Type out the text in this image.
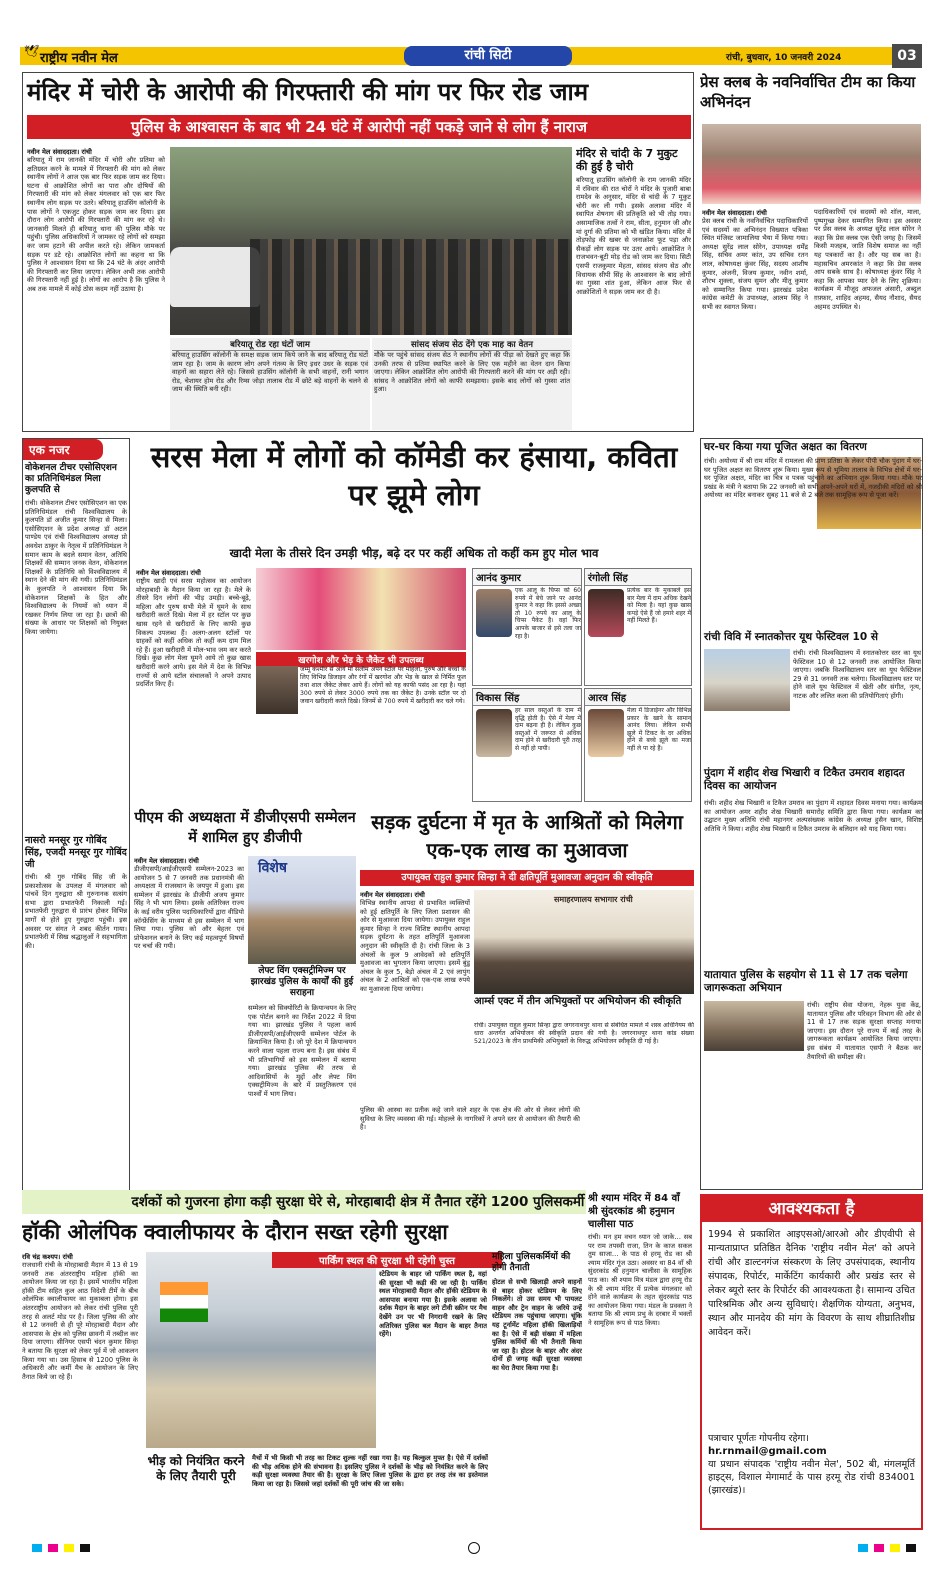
🕊 राष्ट्रीय नवीन मेल	रांची सिटी	रांची, बुधवार, 10 जनवरी 2024	03
मंदिर में चोरी के आरोपी की गिरफ्तारी की मांग पर फिर रोड जाम
पुलिस के आश्वासन के बाद भी 24 घंटे में आरोपी नहीं पकड़े जाने से लोग हैं नाराज
नवीन मेल संवाददाता। रांची
बरियातू में राम जानकी मंदिर में चोरी और प्रतिमा को क्षतिग्रस्त करने के मामले में गिरफ्तारी की मांग को लेकर स्थानीय लोगों ने आज एक बार फिर सड़क जाम कर दिया। घटना से आक्रोशित लोगों का पारा और दोषियों की गिरफ्तारी की मांग को लेकर मंगलवार को एक बार फिर स्थानीय लोग सड़क पर उतरे। बरियातू हाउसिंग कॉलोनी के पास लोगों ने एकजुट होकर सड़क जाम कर दिया। इस दौरान लोग आरोपी की गिरफ्तारी की मांग कर रहे थे। जानकारी मिलते ही बरियातू थाना की पुलिस मौके पर पहुंची। पुलिस अधिकारियों ने जामकर रहे लोगों को समझा कर जाम हटाने की अपील करते रहे। लेकिन जामकर्ता सड़क पर डटे रहे। आक्रोशित लोगों का कहना था कि पुलिस ने आश्वासन दिया था कि 24 घंटे के अंदर आरोपी की गिरफ्तारी कर लिया जाएगा। लेकिन अभी तक आरोपी की गिरफ्तारी नहीं हुई है। लोगों का आरोप है कि पुलिस ने अब तक मामले में कोई ठोस कदम नहीं उठाया है।
बरियातू रोड रहा घंटों जाम
बरियातू हाउसिंग कॉलोनी के समक्ष सड़क जाम किये जाने के बाद बरियातू रोड घंटों जाम रहा है। जाम के कारण लोग अपने गंतव्य के लिए इधर उधर के सड़क एवं वाहनों का सहारा लेते रहे। जिससे हाउसिंग कॉलोनी के सभी वाहनों, रानी भगान रोड, चेशायर होम रोड और रिम्स जोड़ा तालाब रोड में छोटे बड़े वाहनों के चलने से जाम की स्थिति बनी रही।
सांसद संजय सेठ देंगे एक माह का वेतन
मौके पर पहुंचे सांसद संजय सेठ ने स्थानीय लोगों की पीड़ा को देखते हुए कहा कि उनकी तरफ से प्रतिमा स्थापित करने के लिए एक महीने का वेतन दान किया जाएगा। लेकिन आक्रोशित लोग आरोपी की गिरफ्तारी करने की मांग पर अड़ी रही। सांसद ने आक्रोशित लोगों को काफी समझाया। इसके बाद लोगों को गुस्सा शांत हुआ।
मंदिर से चांदी के 7 मुकुट की हुई है चोरी
बरियातू हाउसिंग कॉलोनी के राम जानकी मंदिर में रविवार की रात चोरों ने मंदिर के पुजारी बाबा रामदेव के अनुसार, मंदिर से चांदी के 7 मुकुट चोरी कर ली गयी। इसके अलावा मंदिर में स्थापित शेषनाग की प्रतिकृति को भी तोड़ गया। असामाजिक तत्वों ने राम, सीता, हनुमान जी और मां दुर्गा की प्रतिमा को भी खंडित किया। मंदिर में तोड़फोड़ की खबर से जनाक्रोश फूट पड़ा और सैकड़ों लोग सड़क पर उतर आये। आक्रोशित ने राजभवन-बूटी मोड़ रोड को जाम कर दिया। सिटी एसपी राजकुमार मेहता, सांसद संजय सेठ और विधायक सीपी सिंह के आश्वासन के बाद लोगों का गुस्सा शांत हुआ, लेकिन आज फिर से आक्रोशितों ने सड़क जाम कर दी है।
प्रेस क्लब के नवनिर्वाचित टीम का किया अभिनंदन
नवीन मेल संवाददाता। रांची
प्रेस क्लब रांची के नवनिर्वाचित पदाधिकारियों एवं सदस्यों का अभिनंदन विख्यात पत्रिका स्थित मंजिस्ट जामालिया भैया में किया गया। अध्यक्ष सुरेंद्र लाल सोरेन, उपाध्यक्ष धर्मेंद्र सिंह, सचिव अमर कांत, उप सचिव रतन लाल, कोषाध्यक्ष कुंवर सिंह, सदस्य आशीष कुमार, अंजनी, विजय कुमार, नवीन शर्मा, शौरभ शुक्ला, संजय सुमन और मीतू कुमार को सम्मानित किया गया। झारखंड प्रदेश कांग्रेस कमेटी के उपाध्यक्ष, आलम सिंह ने सभी का स्वागत किया।
पदाधिकारियों एवं सदस्यों को शॉल, माला, पुष्पगुच्छ देकर सम्मानित किया। इस अवसर पर प्रेस क्लब के अध्यक्ष सुरेंद्र लाल सोरेन ने कहा कि प्रेस क्लब एक ऐसी जगह है। जिसमें किसी मजहब, जाति विशेष समाज का नहीं यह पत्रकारों का है। और यह सब का है। महासचिव अमरकांत ने कहा कि प्रेस क्लब आप सबके साथ है। कोषाध्यक्ष कुंवर सिंह ने कहा कि आपका प्यार देने के लिए शुक्रिया। कार्यक्रम में मौजूद अफजल अंसारी, अब्दुल ग़फ़्फ़ार, शाहिद अहमद, सैयद नौशाद, सैयद अहमद उपस्थित थे।
एक नजर
वोकेशनल टीचर एसोसिएशन का प्रतिनिधिमंडल मिला कुलपति से
रांची। वोकेशनल टीचर एसोसिएशन का एक प्रतिनिधिमंडल रांची विश्वविद्यालय के कुलपति डॉ अजीत कुमार सिन्हा से मिला। एसोसिएशन के प्रदेश अध्यक्ष डॉ अटल पाण्डेय एवं रांची विश्वविद्यालय अध्यक्ष प्रो अवधेश ठाकुर के नेतृत्व में प्रतिनिधिमंडल ने समान काम के बदले समान वेतन, अतिथि शिक्षकों की सम्मान जनक वेतन, वोकेशनल शिक्षकों के प्रतिनिधि को विश्वविद्यालय में स्थान देने की मांग की गयी। प्रतिनिधिमंडल के कुलपति ने आश्वासन दिया कि वोकेशनल शिक्षकों के हित और विश्वविद्यालय के नियमों को ध्यान में रखकर निर्णय लिया जा रहा है। छात्रों की संख्या के आधार पर शिक्षकों को नियुक्त किया जायेगा।
नासरो मनसूर गुर गोबिंद सिंह, एजदी मनसूर गुर गोबिंद जी
रांची। श्री गुरु गोबिंद सिंह जी के प्रकाशोत्सव के उपलक्ष में मंगलवार को पांचवें दिन गुरुद्वारा श्री गुरुनानक सत्संग सभा द्वारा प्रभातफेरी निकाली गई। प्रभातफेरी गुरुद्वारा से प्रारंभ होकर विभिन्न मार्गों से होते हुए गुरुद्वारा पहुंची। इस अवसर पर संगत ने शबद कीर्तन गाया। प्रभातफेरी में सिख श्रद्धालुओं ने सहभागिता की।
सरस मेला में लोगों को कॉमेडी कर हंसाया, कविता पर झूमे लोग
खादी मेला के तीसरे दिन उमड़ी भीड़, बढ़े दर पर कहीं अधिक तो कहीं कम हुए मोल भाव
नवीन मेल संवाददाता। रांची
राष्ट्रीय खादी एवं सरस महोत्सव का आयोजन मोरहाबादी के मैदान किया जा रहा है। मेले के तीसरे दिन लोगों की भीड़ उमड़ी। बच्चे-बूढ़े, महिला और पुरुष सभी मेले में घूमने के साथ खरीदारी करते दिखे। मेला में हर स्टॉल पर कुछ खास रहने से खरीदारों के लिए काफी कुछ विकल्प उपलब्ध हैं। अलग-अलग स्टॉलों पर ग्राहकों को कहीं अधिक तो कहीं कम दाम मिल रहे हैं। हुआ खरीदारी में मोल-भाव जम कर करते दिखे। कुछ लोग मेला घूमने आये तो कुछ खास खरीदारी करने आये। इस मेले में देश के विभिन्न राज्यों से आये स्टॉल संचालकों ने अपने उत्पाद प्रदर्शित किए हैं।
खरगोश और भेड़ के जैकेट भी उपलब्ध
जम्मू कश्मीर से आये मो सलीम अपने स्टॉल पर महिला, पुरुष और बच्चों के लिए विभिन्न डिजाइन और रंगों में खरगोश और भेड़ के खाल से निर्मित फूल तथा शाल जैकेट लेकर आये हैं। लोगों को यह काफी पसंद आ रहा है। यहां 300 रुपये से लेकर 3000 रुपये तक का जैकेट है। उनके स्टॉल पर दो जवान खरीदारी करते दिखे। जिनमें से 700 रुपये में खरीदारी कर चले गये।
आनंद कुमार
एक आलू के चिप्स को 60 रुपये में बेचे जाने पर आनंद कुमार ने कहा कि इससे अच्छा तो 10 रुपये का आलू के चिप्स पैकेट है। वहां फिर आपके बाजार से इसे तला जा रहा है।
रंगोली सिंह
प्रत्येक बार के मुकाबले इस बार मेला में दाम अधिक देखने को मिला है। यहां कुछ खास कपड़े ऐसे हैं जो हमारे शहर में नहीं मिलते हैं।
विकास सिंह
हर साल वस्तुओं के दाम में वृद्धि होती है। ऐसे में मेला में दाम बढ़ना ही है। लेकिन कुछ वस्तुओं में जरूरत से अधिक दाम होने से खरीदारी पूरी तरह से नहीं हो पायी।
आरव सिंह
मेला में डिजाईनर और विभिन्न प्रकार के खाने के सामान आनंद लिया। लेकिन सभी झूले में टिकट के दर अधिक होने से बच्चे झूले का मजा नहीं ले पा रहे हैं।
पीएम की अध्यक्षता में डीजीएसपी सम्मेलन में शामिल हुए डीजीपी
नवीन मेल संवाददाता। रांची
डीजीएसपी/आईजीएसपी सम्मेलन-2023 का आयोजन 5 से 7 जनवरी तक प्रधानमंत्री की अध्यक्षता में राजस्थान के जयपुर में हुआ। इस सम्मेलन में झारखंड के डीजीपी अजय कुमार सिंह ने भी भाग लिया। इसके अतिरिक्त राज्य के कई वरीय पुलिस पदाधिकारियों द्वारा वीडियो कॉन्फ्रेंसिंग के माध्यम से इस सम्मेलन में भाग लिया गया। पुलिस को और बेहतर एवं प्रोफेशनल बनाने के लिए कई महत्वपूर्ण विषयों पर चर्चा की गयी।
विशेष
लेफ्ट विंग एक्सट्रीमिज्म पर झारखंड पुलिस के कार्यों की हुई सराहना
सम्मेलन को सिक्योरिटी के क्रियान्वयन के लिए एक पोर्टल बनाने का निर्देश 2022 में दिया गया था। झारखंड पुलिस ने पहला कार्य डीजीएसपी/आईजीएसपी सम्मेलन पोर्टल के क्रियान्वित किया है। जो पूरे देश में क्रियान्वयन करने वाला पहला राज्य बना है। इस संबंध में भी प्रतिभागियों को इस सम्मेलन में बताया गया। झारखंड पुलिस की तरफ से आदिवासियों के मुद्दों और लेफ्ट विंग एक्सट्रीमिज्म के बारे में प्रस्तुतिकरण एवं पार्श्वों में भाग लिया।
सड़क दुर्घटना में मृत के आश्रितों को मिलेगा एक-एक लाख का मुआवजा
उपायुक्त राहुल कुमार सिन्हा ने दी क्षतिपूर्ति मुआवजा अनुदान की स्वीकृति
नवीन मेल संवाददाता। रांची
विभिन्न स्थानीय आपदा से प्रभावित व्यक्तियों को हुई क्षतिपूर्ति के लिए जिला प्रशासन की ओर से मुआवजा दिया जायेगा। उपायुक्त राहुल कुमार सिन्हा ने राज्य विशिष्ट स्थानीय आपदा सड़क दुर्घटना के तहत क्षतिपूर्ति मुआवजा अनुदान की स्वीकृति दी है। रांची जिला के 3 अंचलों के कुल 9 आवेदकों को क्षतिपूर्ति मुआवजा का भुगतान किया जाएगा। इसमें बुंडू अंचल के कुल 5, बेड़ो अंचल में 2 एवं लापुंग अंचल के 2 आश्रितों को एक-एक लाख रुपये का मुआवजा दिया जायेगा।
समाहरणालय सभागार रांची
आर्म्स एक्ट में तीन अभियुक्तों पर अभियोजन की स्वीकृति
रांची। उपायुक्त राहुल कुमार सिन्हा द्वारा जगरनाथपुर थाना से संबंधित मामले में शस्त्र अधिनियम की धारा अन्तर्गत अभियोजन की स्वीकृति प्रदान की गयी है। जगरनाथपुर थाना कांड संख्या 521/2023 के तीन प्राथमिकी अभियुक्तों के विरुद्ध अभियोजन स्वीकृति दी गई है।
पुलिस की आस्था का प्रतीक कहे जाने वाले शहर के एक क्षेत्र की ओर से लेकर लोगों की सुविधा के लिए व्यवस्था की गई। मोहल्ले के नागरिकों ने अपने स्तर से आयोजन की तैयारी की है।
घर-घर किया गया पूजित अक्षत का वितरण
रांची। अयोध्या में श्री राम मंदिर में रामलला की प्राण प्रतिष्ठा के लेकर पीपी चौक पुंदाग में घर-घर पूजित अक्षत का वितरण शुरू किया। मुख्य रूप से भूमिया तालाब के विभिन्न क्षेत्रों में घर-घर पूजित अक्षत, मंदिर का चित्र व पत्रक पहुंचाने का अभियान शुरू किया गया। मौके पर प्रखंड के मंत्री ने बताया कि 22 जनवरी को सभी अपने-अपने घरों में, नजदीकी मंदिरों को श्री अयोध्या का मंदिर बनाकर सुबह 11 बजे से 2 बजे तक सामूहिक रूप से पूजा करें।
रांची विवि में स्नातकोत्तर यूथ फेस्टिवल 10 से
रांची। रांची विश्वविद्यालय में स्नातकोत्तर स्तर का यूथ फेस्टिवल 10 से 12 जनवरी तक आयोजित किया जाएगा। जबकि विश्वविद्यालय स्तर का यूथ फेस्टिवल 29 से 31 जनवरी तक चलेगा। विश्वविद्यालय स्तर पर होने वाले यूथ फेस्टिवल में खेती और संगीत, नृत्य, नाटक और ललित कला की प्रतियोगिताएं होंगी।
पुंदाग में शहीद शेख भिखारी व टिकैत उमराव शहादत दिवस का आयोजन
रांची। शहीद शेख भिखारी व टिकैत उमराव का पुंदाग में शहादत दिवस मनाया गया। कार्यक्रम का आयोजन अमर शहीद शेख भिखारी समारोह समिति द्वारा किया गया। कार्यक्रम का उद्घाटन मुख्य अतिथि रांची महानगर अल्पसंख्यक कांग्रेस के अध्यक्ष हुसैन खान, विशिष्ट अतिथि ने किया। शहीद शेख भिखारी व टिकैत उमराव के बलिदान को याद किया गया।
यातायात पुलिस के सहयोग से 11 से 17 तक चलेगा जागरूकता अभियान
रांची। राष्ट्रीय सेवा योजना, नेहरू युवा केंद्र, यातायात पुलिस और परिवहन विभाग की ओर से 11 से 17 तक सड़क सुरक्षा सप्ताह मनाया जाएगा। इस दौरान पूरे राज्य में कई तरह के जागरूकता कार्यक्रम आयोजित किया जाएगा। इस संबंध में यातायात एसपी ने बैठक कर तैयारियों की समीक्षा की।
दर्शकों को गुजरना होगा कड़ी सुरक्षा घेरे से, मोरहाबादी क्षेत्र में तैनात रहेंगे 1200 पुलिसकर्मी श्री श्याम मंदिर में 84 वाँ श्री सुंदरकांड श्री हनुमान चालीसा पाठ
रांची। मन हम वचन ध्यान जो जाके… सब पर राम तपस्वी राजा, तिन के काज सकल तुम साजा… के पाठ से हरमू रोड का श्री श्याम मंदिर गूंज उठा। अवसर था 84 वाँ श्री सुंदरकांड श्री हनुमान चालीसा के सामूहिक पाठ का। श्री श्याम मित्र मंडल द्वारा हरमू रोड के श्री श्याम मंदिर में प्रत्येक मंगलवार को होने वाले कार्यक्रम के तहत सुंदरकांड पाठ का आयोजन किया गया। मंडल के प्रवक्ता ने बताया कि श्री श्याम प्रभु के दरबार में भक्तों ने सामूहिक रूप से पाठ किया।
हॉकी ओलंपिक क्वालीफायर के दौरान सख्त रहेगी सुरक्षा
रवि चंद्र कश्यप। रांची
राजधानी रांची के मोरहाबादी मैदान में 13 से 19 जनवरी तक अंतरराष्ट्रीय महिला हॉकी का आयोजन किया जा रहा है। इसमें भारतीय महिला हॉकी टीम सहित कुल आठ विदेशी टीमें के बीच ओलंपिक क्वालीफायर का मुकाबला होगा। इस अंतरराष्ट्रीय आयोजन को लेकर रांची पुलिस पूरी तरह से अलर्ट मोड पर है। जिला पुलिस की ओर से 12 जनवरी से ही पूरे मोरहाबादी मैदान और आसपास के क्षेत्र को पुलिस छावनी में तब्दील कर दिया जाएगा। सीनियर एसपी चंदन कुमार सिन्हा ने बताया कि सुरक्षा को लेकर पूर्व में जो आकलन किया गया था। उस हिसाब से 1200 पुलिस के अधिकारी और कर्मी मैच के आयोजन के लिए तैनात किये जा रहे हैं।
पार्किंग स्थल की सुरक्षा भी रहेगी चुस्त
स्टेडियम के बाहर जो पार्किंग स्थल है, वहां की सुरक्षा भी कड़ी की जा रही है। पार्किंग स्थल मोरहाबादी मैदान और हॉकी स्टेडियम के आसपास बनाया गया है। इसके अलावा जो दर्शक मैदान के बाहर लगे टीवी स्क्रीन पर मैच देखेंगे उन पर भी निगरानी रखने के लिए अतिरिक्त पुलिस बल मैदान के बाहर तैनात रहेंगे।
महिला पुलिसकर्मियों की होगी तैनाती
होटल से सभी खिलाड़ी अपने वाहनों से बाहर होकर स्टेडियम के लिए निकलेंगे। तो उस समय भी पायलट वाहन और ट्रेन वाहन के जरिये उन्हें स्टेडियम तक पहुंचाया जाएगा। चूंकि यह टूर्नामेंट महिला हॉकी खिलाड़ियों का है। ऐसे में बड़ी संख्या में महिला पुलिस कर्मियों की भी तैनाती किया जा रहा है। होटल के बाहर और अंदर दोनों ही जगह कड़ी सुरक्षा व्यवस्था का घेरा तैयार किया गया है।
भीड़ को नियंत्रित करने के लिए तैयारी पूरी
मैचों में भी किसी भी तरह का टिकट शुल्क नहीं रखा गया है। यह बिल्कुल मुफ्त है। ऐसे में दर्शकों की भीड़ अधिक होने की संभावना है। इसलिए पुलिस ने दर्शकों के भीड़ को नियंत्रित करने के लिए कड़ी सुरक्षा व्यवस्था तैयार की है। सुरक्षा के लिए जिला पुलिस के द्वारा हर तरह तंत्र का इस्तेमाल किया जा रहा है। जिससे जहां दर्शकों की पूरी जांच की जा सके।
आवश्यकता है
1994 से प्रकाशित आइएसओ/आरओ और डीएवीपी से मान्यताप्राप्त प्रतिष्ठित दैनिक 'राष्ट्रीय नवीन मेल' को अपने रांची और डाल्टनगंज संस्करण के लिए उपसंपादक, स्थानीय संपादक, रिपोर्टर, मार्केटिंग कार्यकारी और प्रखंड स्तर से लेकर ब्यूरो स्तर के रिपोर्टर की आवश्यकता है। सामान्य उचित पारिश्रमिक और अन्य सुविधाएं। शैक्षणिक योग्यता, अनुभव, स्थान और मानदेय की मांग के विवरण के साथ शीघ्रातिशीघ्र आवेदन करें।
पत्राचार पूर्णतः गोपनीय रहेगा।
hr.rnmail@gmail.com
या प्रधान संपादक 'राष्ट्रीय नवीन मेल', 502 बी, मंगलमूर्ति हाइट्स, विशाल मेगामार्ट के पास हरमू रोड रांची 834001 (झारखंड)।
